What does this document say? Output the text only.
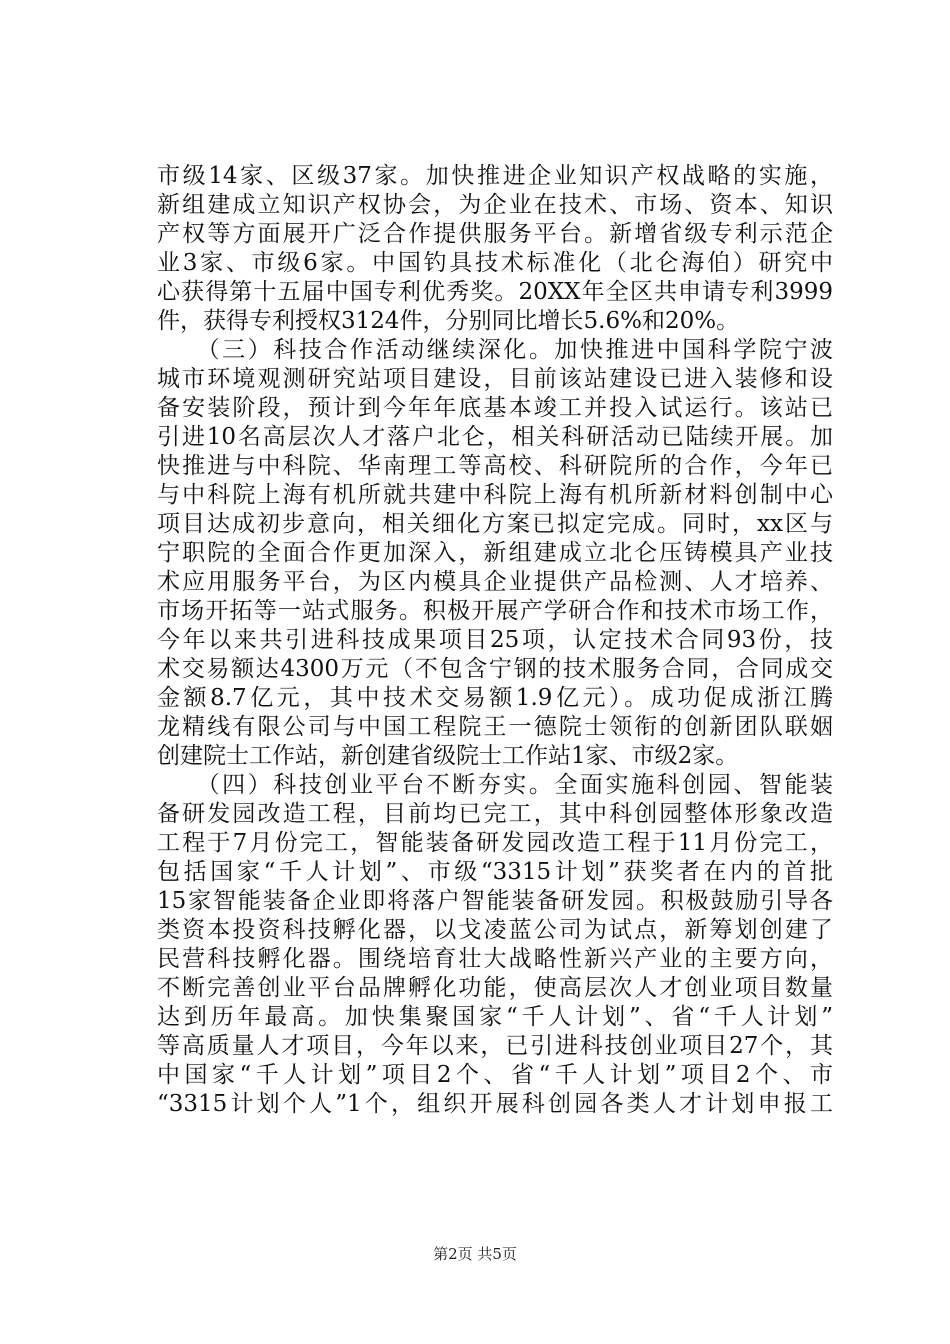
市级14家、区级37家。加快推进企业知识产权战略的实施，
新组建成立知识产权协会，为企业在技术、市场、资本、知识
产权等方面展开广泛合作提供服务平台。新增省级专利示范企
业3家、市级6家。中国钓具技术标准化（北仑海伯）研究中
心获得第十五届中国专利优秀奖。20XX年全区共申请专利3999
件，获得专利授权3124件，分别同比增长5.6%和20%。
　　（三）科技合作活动继续深化。加快推进中国科学院宁波
城市环境观测研究站项目建设，目前该站建设已进入装修和设
备安装阶段，预计到今年年底基本竣工并投入试运行。该站已
引进10名高层次人才落户北仑，相关科研活动已陆续开展。加
快推进与中科院、华南理工等高校、科研院所的合作，今年已
与中科院上海有机所就共建中科院上海有机所新材料创制中心
项目达成初步意向，相关细化方案已拟定完成。同时，xx区与
宁职院的全面合作更加深入，新组建成立北仑压铸模具产业技
术应用服务平台，为区内模具企业提供产品检测、人才培养、
市场开拓等一站式服务。积极开展产学研合作和技术市场工作，
今年以来共引进科技成果项目25项，认定技术合同93份，技
术交易额达4300万元（不包含宁钢的技术服务合同，合同成交
金额8.7亿元，其中技术交易额1.9亿元）。成功促成浙江腾
龙精线有限公司与中国工程院王一德院士领衔的创新团队联姻
创建院士工作站，新创建省级院士工作站1家、市级2家。
　　（四）科技创业平台不断夯实。全面实施科创园、智能装
备研发园改造工程，目前均已完工，其中科创园整体形象改造
工程于7月份完工，智能装备研发园改造工程于11月份完工，
包括国家“千人计划”、市级“3315计划”获奖者在内的首批
15家智能装备企业即将落户智能装备研发园。积极鼓励引导各
类资本投资科技孵化器，以戈凌蓝公司为试点，新筹划创建了
民营科技孵化器。围绕培育壮大战略性新兴产业的主要方向，
不断完善创业平台品牌孵化功能，使高层次人才创业项目数量
达到历年最高。加快集聚国家“千人计划”、省“千人计划”
等高质量人才项目，今年以来，已引进科技创业项目27个，其
中国家“千人计划”项目2个、省“千人计划”项目2个、市
“3315计划个人”1个，组织开展科创园各类人才计划申报工
第2页 共5页
